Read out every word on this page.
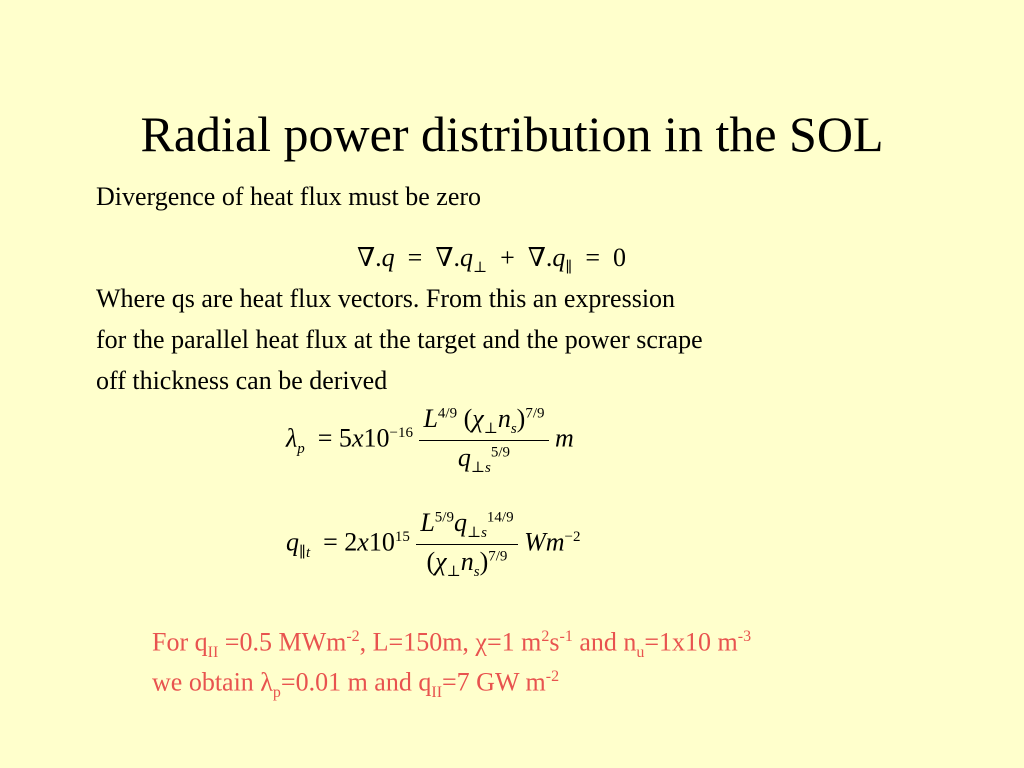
Radial power distribution in the SOL
Divergence of heat flux must be zero
$\nabla.q = \nabla.q_\perp + \nabla.q_\parallel = 0$
Where qs are heat flux vectors. From this an expression
for the parallel heat flux at the target and the power scrape
off thickness can be derived
$\lambda_p = 5x10^{-16} \frac{L^{4/9} (\chi_\perp n_s)^{7/9}}{q_{\perp s}^{5/9}}$ m
$q_{\parallel t} = 2x10^{15} \frac{L^{5/9}q_{\perp s}^{14/9}}{(\chi_\perp n_s)^{7/9}} Wm^{-2}$
For $q_{II} =0.5$ MWm$^{-2}$, L=150m, χ=1 $m^2s^{-1}$ and $n_u=1x10$ $m^{-3}$
we obtain $\lambda_p=0.01$ m and $q_{II}=7$ GW $m^{-2}$
